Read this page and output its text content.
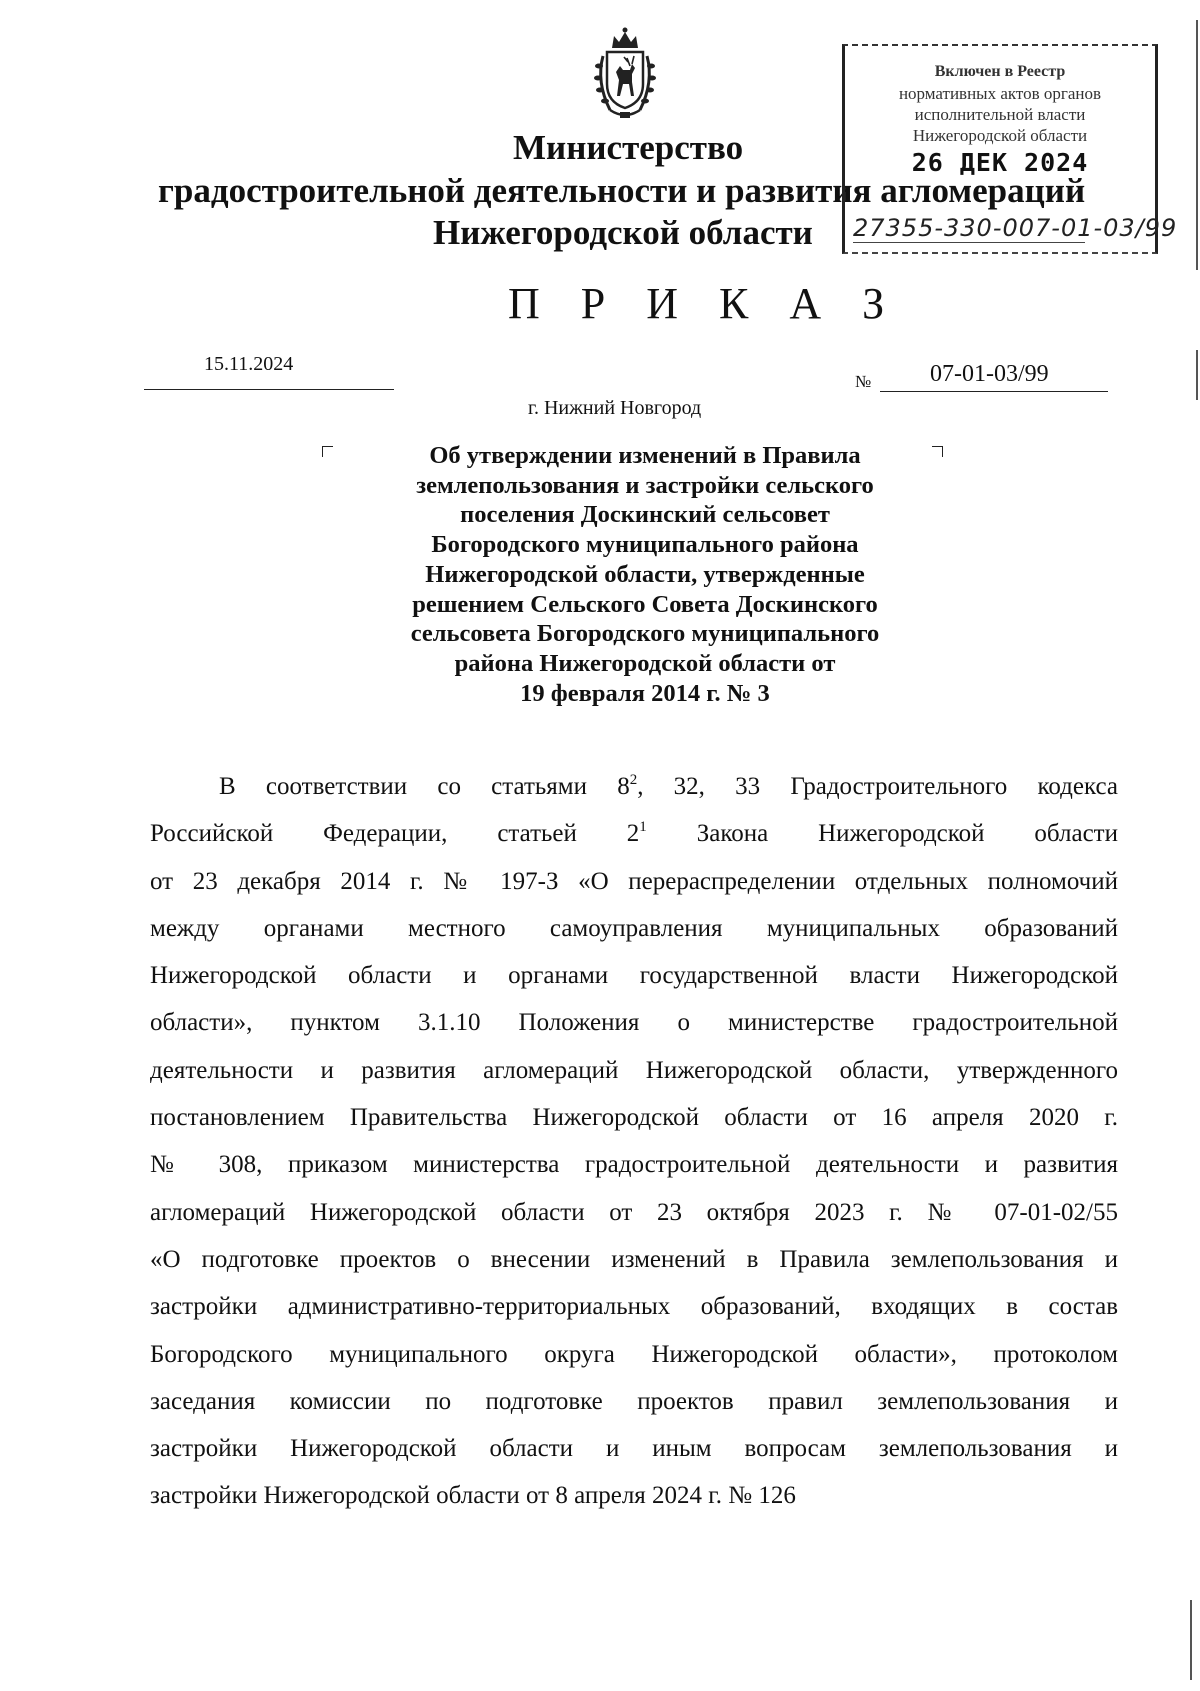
Министерство
градостроительной деятельности и развития агломераций
Нижегородской области
Включен в Реестр
нормативных актов органов
исполнительной власти
Нижегородской области
26 ДЕК 2024
27355-330-007-01-03/99
П Р И К А З
15.11.2024
№ 07-01-03/99
г. Нижний Новгород
Об утверждении изменений в Правила
землепользования и застройки сельского
поселения Доскинский сельсовет
Богородского муниципального района
Нижегородской области, утвержденные
решением Сельского Совета Доскинского
сельсовета Богородского муниципального
района Нижегородской области от
19 февраля 2014 г. № 3
В соответствии со статьями $8^2$, 32, 33 Градостроительного кодекса
Российской Федерации, статьей $2^1$ Закона Нижегородской области
от 23 декабря 2014 г. № 197-З «О перераспределении отдельных полномочий
между органами местного самоуправления муниципальных образований
Нижегородской области и органами государственной власти Нижегородской
области», пунктом 3.1.10 Положения о министерстве градостроительной
деятельности и развития агломераций Нижегородской области, утвержденного
постановлением Правительства Нижегородской области от 16 апреля 2020 г.
№ 308, приказом министерства градостроительной деятельности и развития
агломераций Нижегородской области от 23 октября 2023 г. № 07-01-02/55
«О подготовке проектов о внесении изменений в Правила землепользования и
застройки административно-территориальных образований, входящих в состав
Богородского муниципального округа Нижегородской области», протоколом
заседания комиссии по подготовке проектов правил землепользования и
застройки Нижегородской области и иным вопросам землепользования и
застройки Нижегородской области от 8 апреля 2024 г. № 126
